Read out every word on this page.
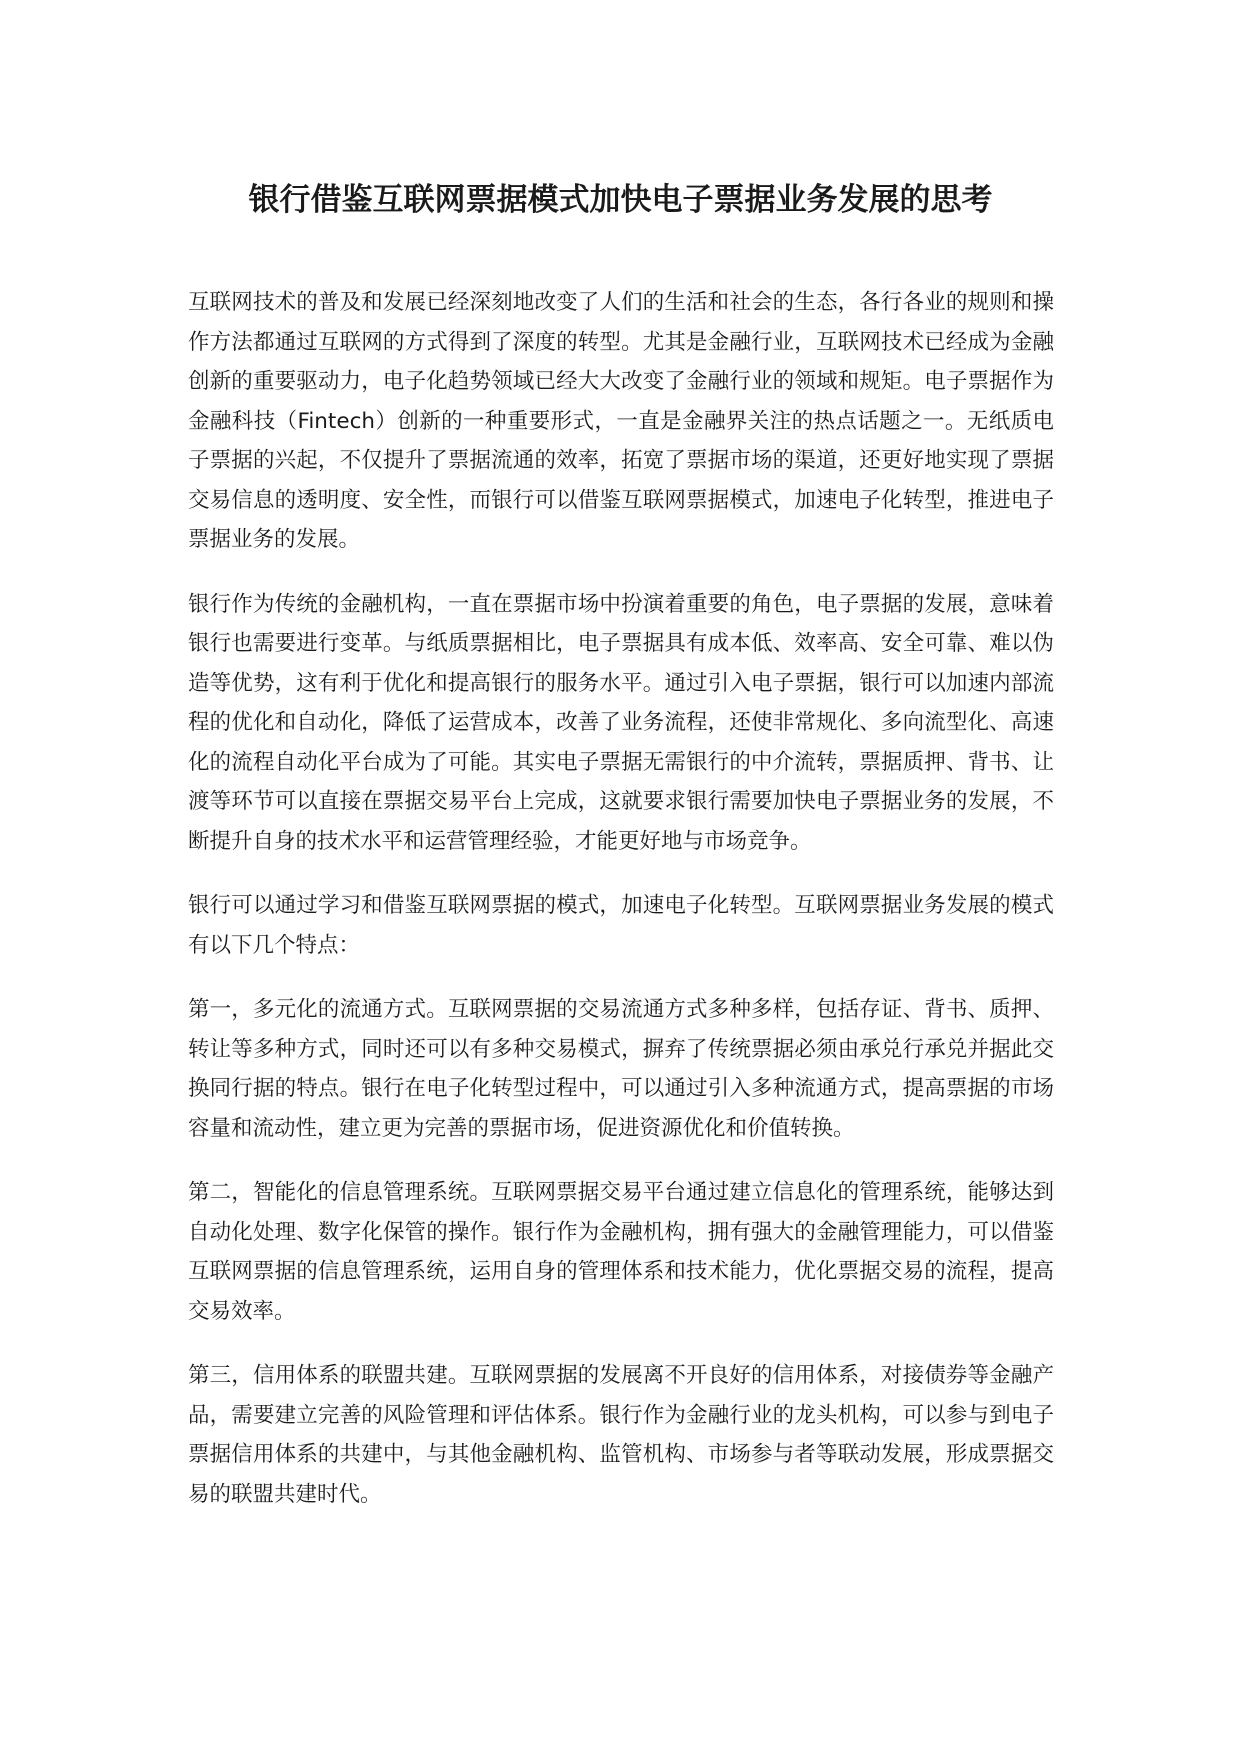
银行借鉴互联网票据模式加快电子票据业务发展的思考

互联网技术的普及和发展已经深刻地改变了人们的生活和社会的生态，各行各业的规则和操作方法都通过互联网的方式得到了深度的转型。尤其是金融行业，互联网技术已经成为金融创新的重要驱动力，电子化趋势领域已经大大改变了金融行业的领域和规矩。电子票据作为金融科技（Fintech）创新的一种重要形式，一直是金融界关注的热点话题之一。无纸质电子票据的兴起，不仅提升了票据流通的效率，拓宽了票据市场的渠道，还更好地实现了票据交易信息的透明度、安全性，而银行可以借鉴互联网票据模式，加速电子化转型，推进电子票据业务的发展。

银行作为传统的金融机构，一直在票据市场中扮演着重要的角色，电子票据的发展，意味着银行也需要进行变革。与纸质票据相比，电子票据具有成本低、效率高、安全可靠、难以伪造等优势，这有利于优化和提高银行的服务水平。通过引入电子票据，银行可以加速内部流程的优化和自动化，降低了运营成本，改善了业务流程，还使非常规化、多向流型化、高速化的流程自动化平台成为了可能。其实电子票据无需银行的中介流转，票据质押、背书、让渡等环节可以直接在票据交易平台上完成，这就要求银行需要加快电子票据业务的发展，不断提升自身的技术水平和运营管理经验，才能更好地与市场竞争。

银行可以通过学习和借鉴互联网票据的模式，加速电子化转型。互联网票据业务发展的模式有以下几个特点：

第一，多元化的流通方式。互联网票据的交易流通方式多种多样，包括存证、背书、质押、转让等多种方式，同时还可以有多种交易模式，摒弃了传统票据必须由承兑行承兑并据此交换同行据的特点。银行在电子化转型过程中，可以通过引入多种流通方式，提高票据的市场容量和流动性，建立更为完善的票据市场，促进资源优化和价值转换。

第二，智能化的信息管理系统。互联网票据交易平台通过建立信息化的管理系统，能够达到自动化处理、数字化保管的操作。银行作为金融机构，拥有强大的金融管理能力，可以借鉴互联网票据的信息管理系统，运用自身的管理体系和技术能力，优化票据交易的流程，提高交易效率。

第三，信用体系的联盟共建。互联网票据的发展离不开良好的信用体系，对接债券等金融产品，需要建立完善的风险管理和评估体系。银行作为金融行业的龙头机构，可以参与到电子票据信用体系的共建中，与其他金融机构、监管机构、市场参与者等联动发展，形成票据交易的联盟共建时代。
